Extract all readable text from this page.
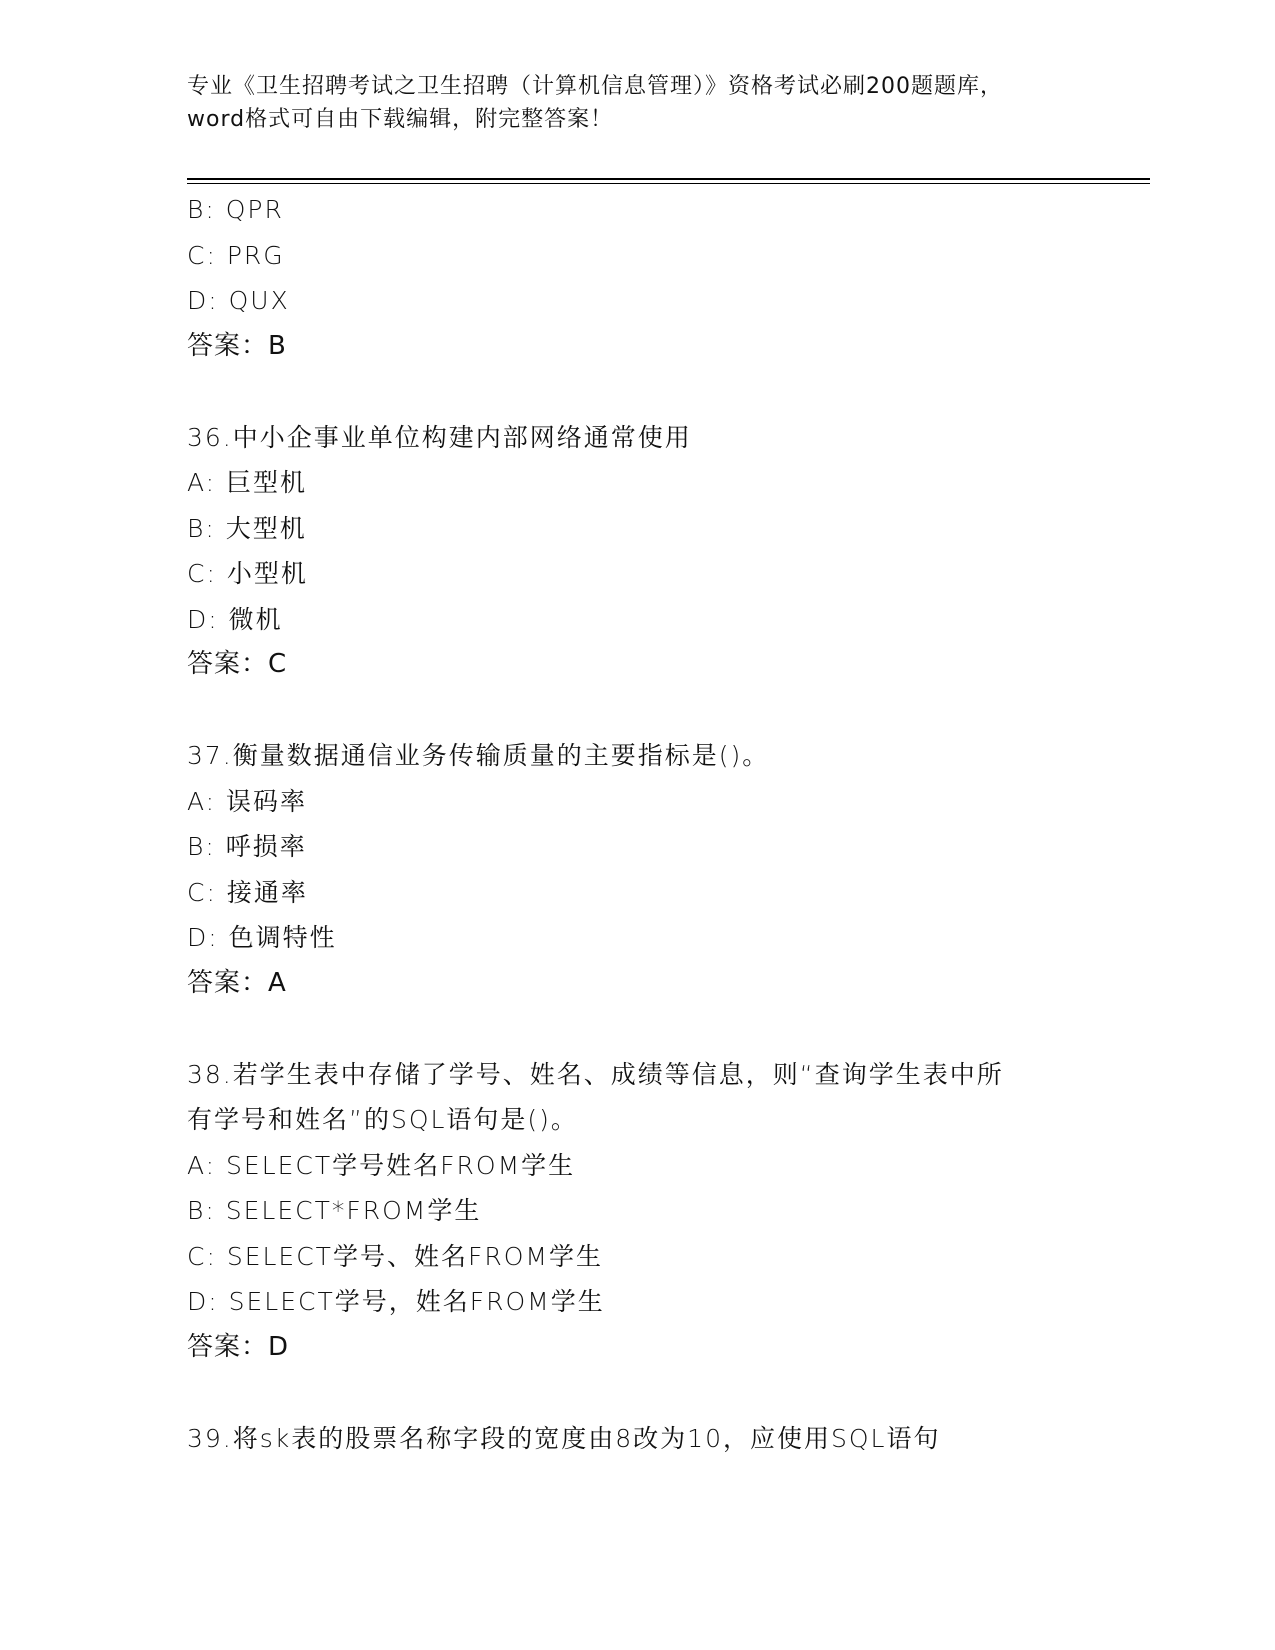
专业《卫生招聘考试之卫生招聘（计算机信息管理）》资格考试必刷200题题库，
word格式可自由下载编辑，附完整答案！
B: QPR
C: PRG
D: QUX
答案：B
36.中小企事业单位构建内部网络通常使用
A: 巨型机
B: 大型机
C: 小型机
D: 微机
答案：C
37.衡量数据通信业务传输质量的主要指标是()。
A: 误码率
B: 呼损率
C: 接通率
D: 色调特性
答案：A
38.若学生表中存储了学号、姓名、成绩等信息，则“查询学生表中所
有学号和姓名”的SQL语句是()。
A: SELECT学号姓名FROM学生
B: SELECT*FROM学生
C: SELECT学号、姓名FROM学生
D: SELECT学号，姓名FROM学生
答案：D
39.将sk表的股票名称字段的宽度由8改为10，应使用SQL语句
